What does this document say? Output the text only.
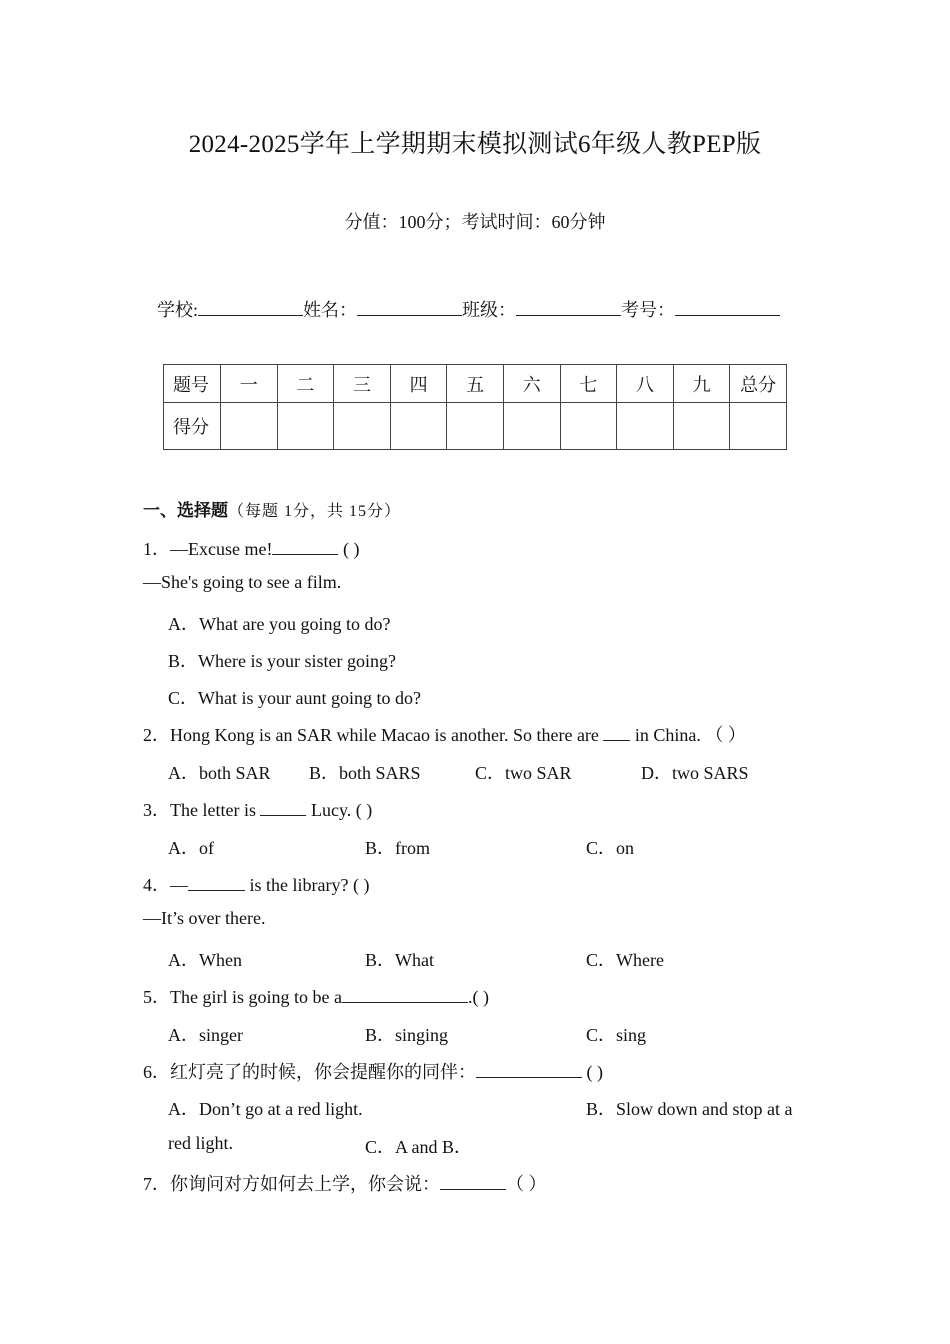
2024-2025学年上学期期末模拟测试6年级人教PEP版
分值：100分；考试时间：60分钟
学校:	姓名：	班级：	考号：
题号	一	二	三	四	五	六	七	八	九	总分
得分										
一、选择题（每题 1分，共 15分）
1．—Excuse me!	( )
—She's going to see a film.
A．What are you going to do?
B．Where is your sister going?
C．What is your aunt going to do?
2．Hong Kong is an SAR while Macao is another. So there are in China. （ ）
A．both SAR B．both SARS	C．two SAR	D．two SARS
3．The letter is	Lucy. ( )
A．of	B．from	C．on
4．—	is the library? ( )
—It’s over there.
A．When	B．What	C．Where
5．The girl is going to be a	.( )
A．singer	B．singing	C．sing
6．红灯亮了的时候，你会提醒你的同伴：	( )
A．Don’t go at a red light.	B．Slow down and stop at a
red light.	C．A and B．
7．你询问对方如何去上学，你会说：	（ ）
